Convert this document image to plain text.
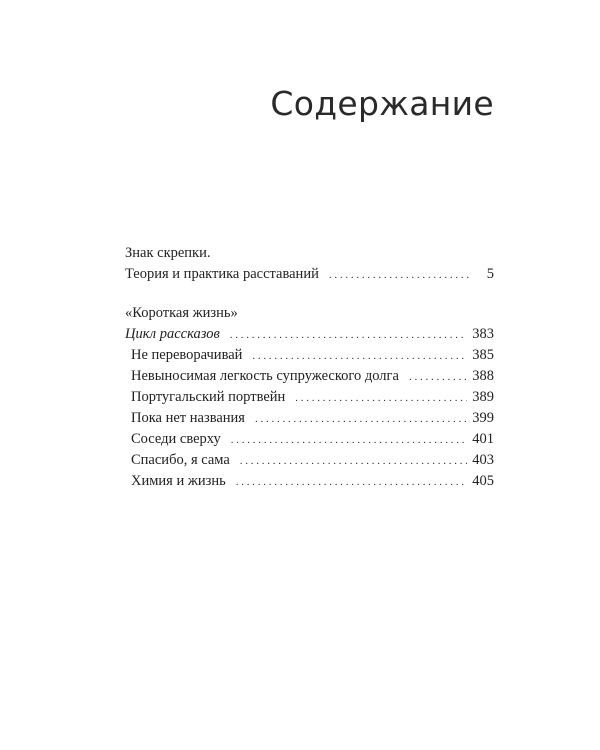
Содержание
Знак скрепки.
Теория и практика расставаний . . .	5
«Короткая жизнь»
Цикл рассказов . . .	383
Не переворачивай . . .	385
Невыносимая легкость супружеского долга . . .	388
Португальский портвейн . . .	389
Пока нет названия . . .	399
Соседи сверху . . .	401
Спасибо, я сама . . .	403
Химия и жизнь . . .	405
